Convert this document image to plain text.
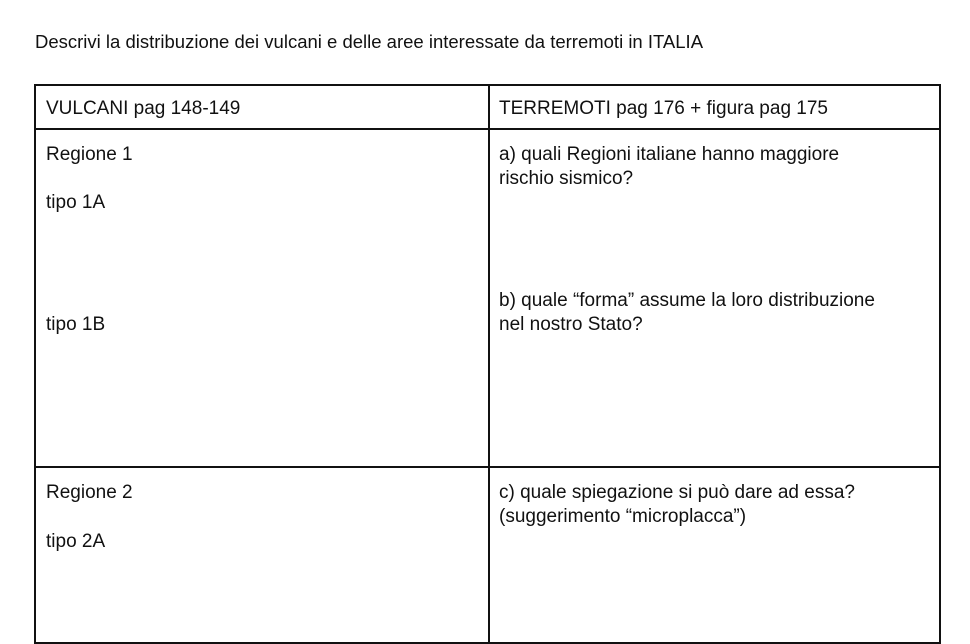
Descrivi la distribuzione dei vulcani e delle aree interessate da terremoti in ITALIA
VULCANI pag 148-149	TERREMOTI pag 176 + figura pag 175
Regione 1
tipo 1A
tipo 1B
a) quali Regioni italiane hanno maggiore
rischio sismico?
b) quale “forma” assume la loro distribuzione
nel nostro Stato?
Regione 2
tipo 2A
c) quale spiegazione si può dare ad essa?
(suggerimento “microplacca”)
